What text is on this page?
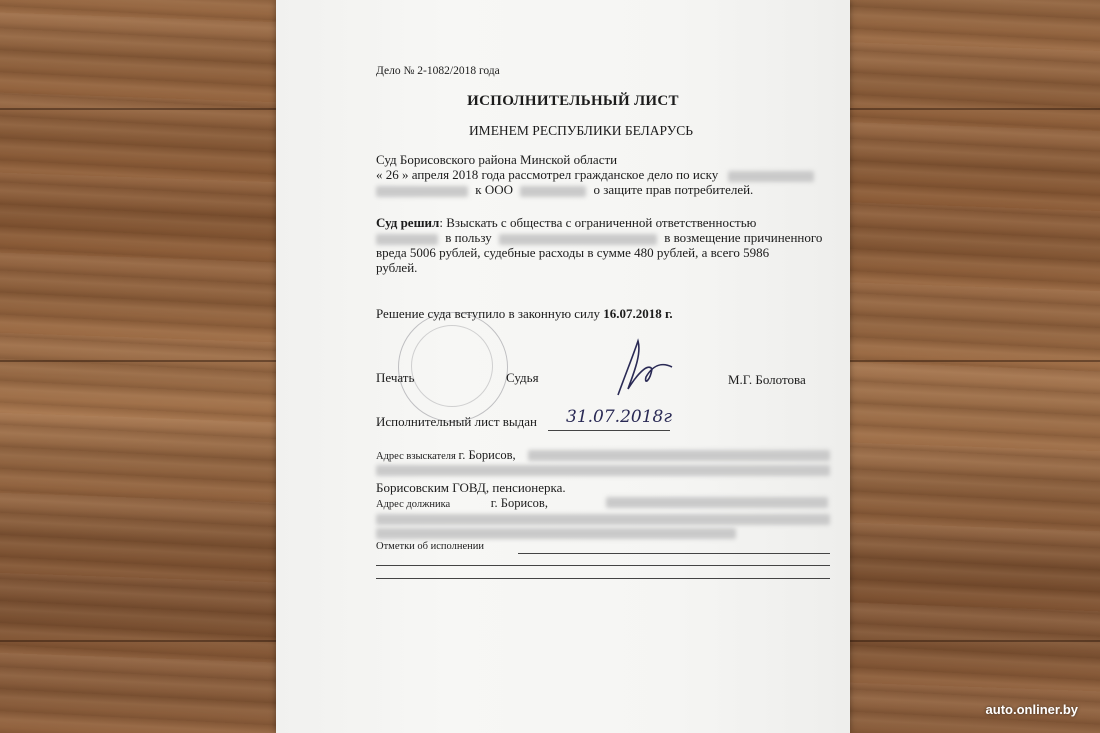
Дело № 2-1082/2018 года
ИСПОЛНИТЕЛЬНЫЙ ЛИСТ
ИМЕНЕМ РЕСПУБЛИКИ БЕЛАРУСЬ
Суд Борисовского района Минской области
« 26 » апреля 2018 года рассмотрел гражданское дело по иску
к ООО	о защите прав потребителей.
Суд решил: Взыскать с общества с ограниченной ответственностью
в пользу	в возмещение причиненного
вреда 5006 рублей, судебные расходы в сумме 480 рублей, а всего 5986
рублей.
Решение суда вступило в законную силу 16.07.2018 г.
Печать	Судья	М.Г. Болотова
Исполнительный лист выдан 31.07.2018г
Адрес взыскателя г. Борисов,
Борисовским ГОВД, пенсионерка.
Адрес должника	г. Борисов,
Отметки об исполнении
auto.onliner.by
